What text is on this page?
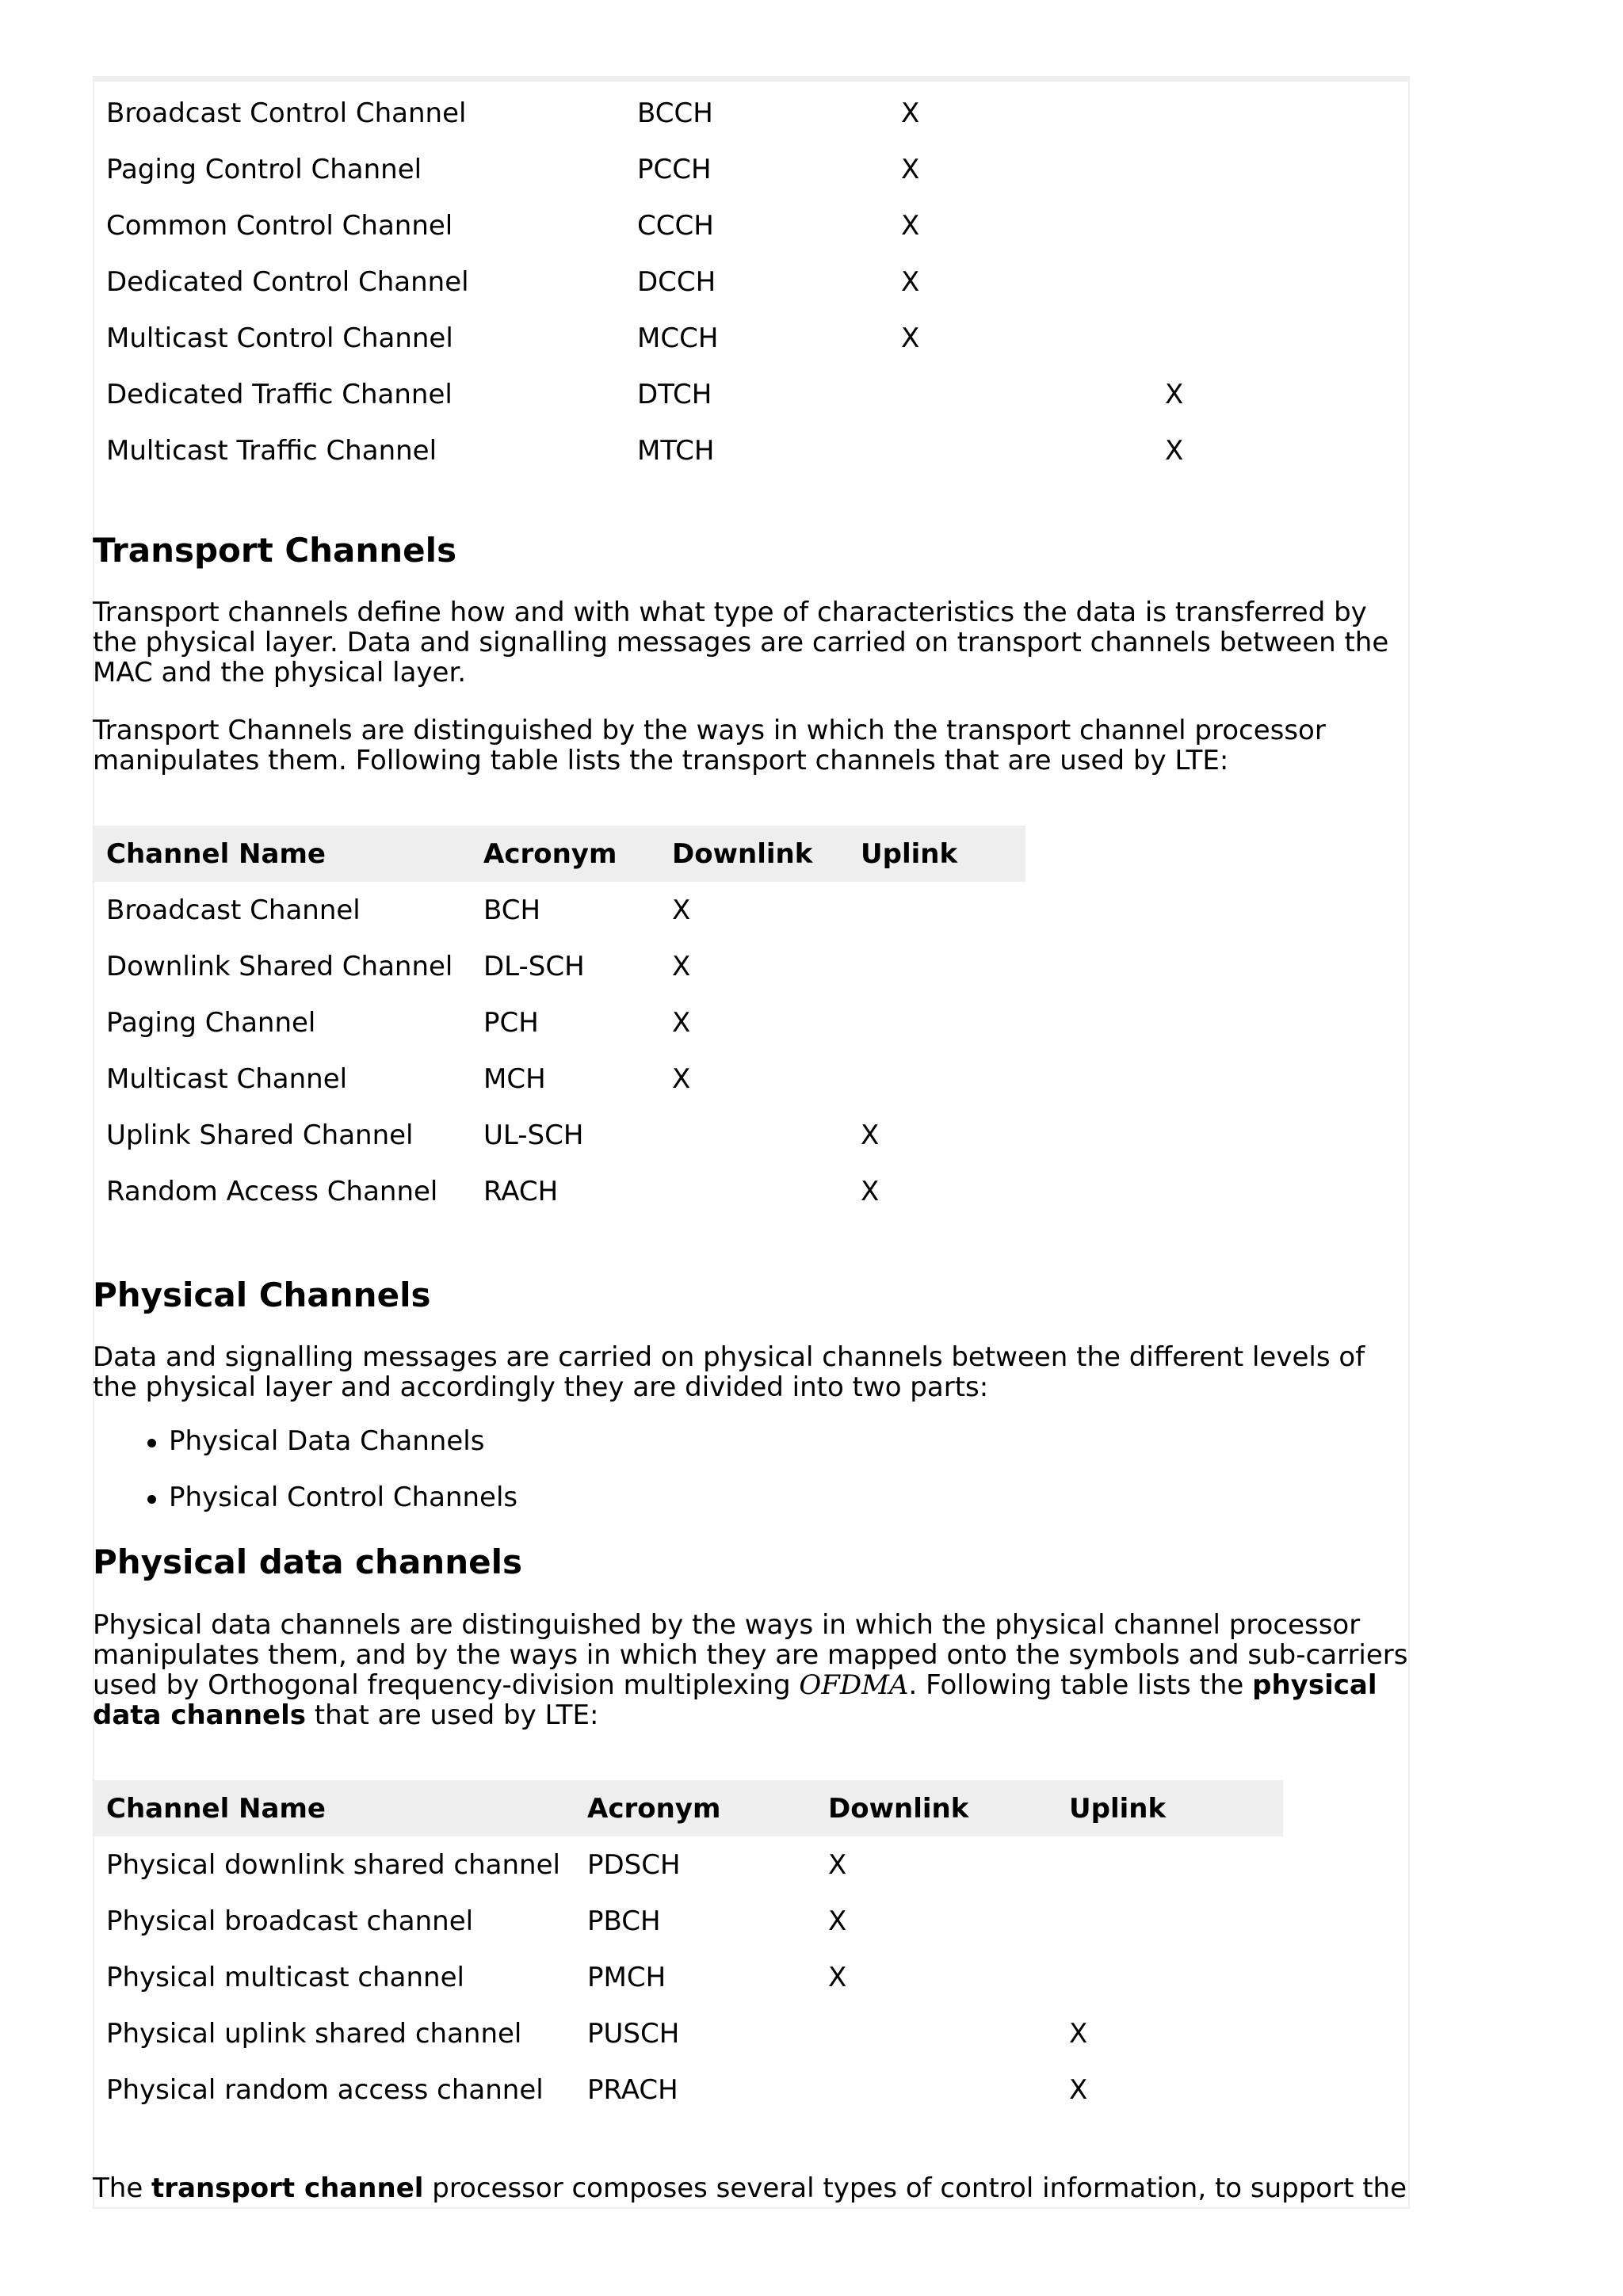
Broadcast Control Channel	BCCH	X	
Paging Control Channel	PCCH	X	
Common Control Channel	CCCH	X	
Dedicated Control Channel	DCCH	X	
Multicast Control Channel	MCCH	X	
Dedicated Traffic Channel	DTCH		X
Multicast Traffic Channel	MTCH		X
Transport Channels

Transport channels define how and with what type of characteristics the data is transferred by the physical layer. Data and signalling messages are carried on transport channels between the MAC and the physical layer.

Transport Channels are distinguished by the ways in which the transport channel processor manipulates them. Following table lists the transport channels that are used by LTE:

Channel Name	Acronym	Downlink	Uplink
Broadcast Channel	BCH	X	
Downlink Shared Channel	DL-SCH	X	
Paging Channel	PCH	X	
Multicast Channel	MCH	X	
Uplink Shared Channel	UL-SCH		X
Random Access Channel	RACH		X
Physical Channels

Data and signalling messages are carried on physical channels between the different levels of the physical layer and accordingly they are divided into two parts:

Physical Data Channels
Physical Control Channels
Physical data channels

Physical data channels are distinguished by the ways in which the physical channel processor manipulates them, and by the ways in which they are mapped onto the symbols and sub-carriers used by Orthogonal frequency-division multiplexing OFDMA. Following table lists the physical data channels that are used by LTE:

Channel Name	Acronym	Downlink	Uplink
Physical downlink shared channel	PDSCH	X	
Physical broadcast channel	PBCH	X	
Physical multicast channel	PMCH	X	
Physical uplink shared channel	PUSCH		X
Physical random access channel	PRACH		X

The transport channel processor composes several types of control information, to support the
